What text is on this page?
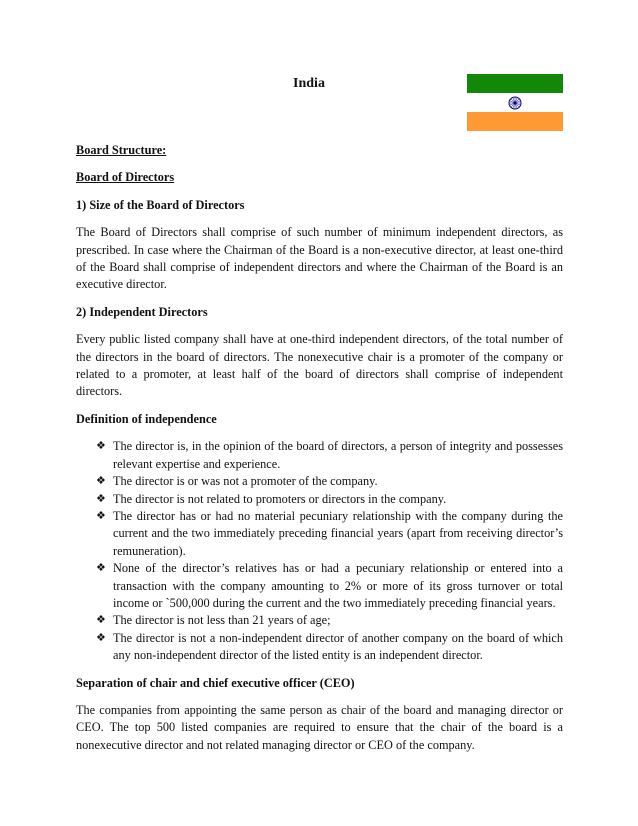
India

Board Structure:

Board of Directors

1) Size of the Board of Directors

The Board of Directors shall comprise of such number of minimum independent directors, as prescribed. In case where the Chairman of the Board is a non-executive director, at least one-third of the Board shall comprise of independent directors and where the Chairman of the Board is an executive director.

2) Independent Directors

Every public listed company shall have at one-third independent directors, of the total number of the directors in the board of directors. The nonexecutive chair is a promoter of the company or related to a promoter, at least half of the board of directors shall comprise of independent directors.

Definition of independence

❖ The director is, in the opinion of the board of directors, a person of integrity and possesses relevant expertise and experience.
❖ The director is or was not a promoter of the company.
❖ The director is not related to promoters or directors in the company.
❖ The director has or had no material pecuniary relationship with the company during the current and the two immediately preceding financial years (apart from receiving director’s remuneration).
❖ None of the director’s relatives has or had a pecuniary relationship or entered into a transaction with the company amounting to 2% or more of its gross turnover or total income or `500,000 during the current and the two immediately preceding financial years.
❖ The director is not less than 21 years of age;
❖ The director is not a non-independent director of another company on the board of which any non-independent director of the listed entity is an independent director.

Separation of chair and chief executive officer (CEO)

The companies from appointing the same person as chair of the board and managing director or CEO. The top 500 listed companies are required to ensure that the chair of the board is a nonexecutive director and not related managing director or CEO of the company.
